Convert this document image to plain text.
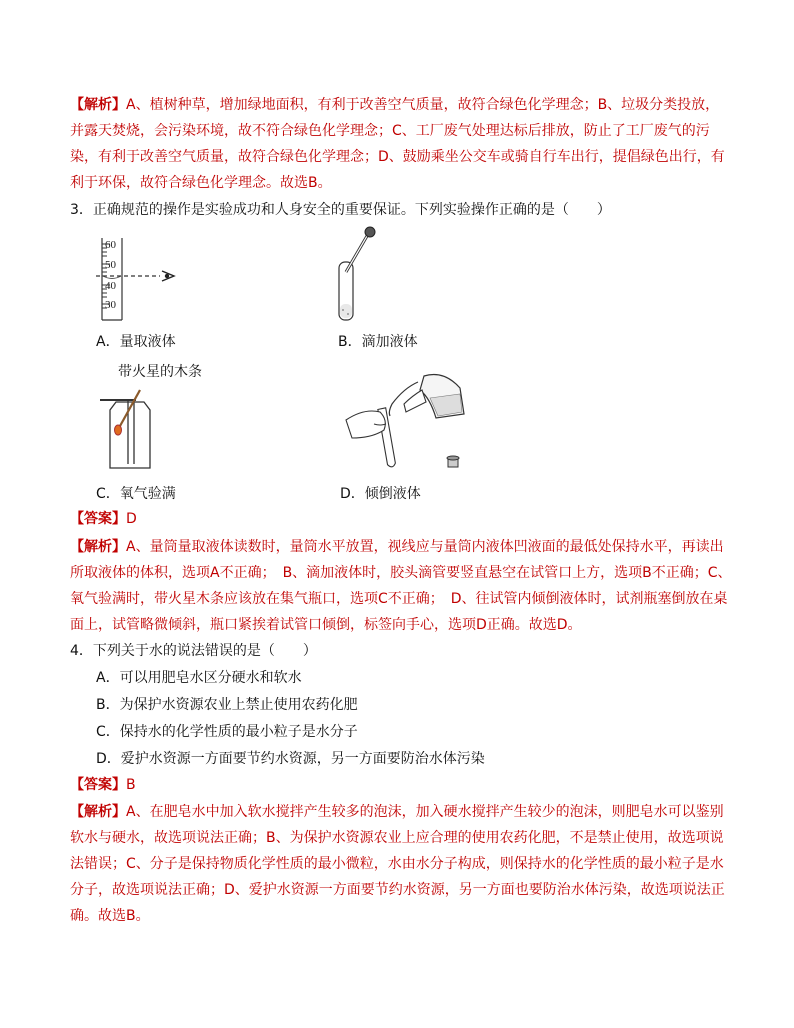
【解析】A、植树种草，增加绿地面积，有利于改善空气质量，故符合绿色化学理念；B、垃圾分类投放，并露天焚烧，会污染环境，故不符合绿色化学理念；C、工厂废气处理达标后排放，防止了工厂废气的污染，有利于改善空气质量，故符合绿色化学理念；D、鼓励乘坐公交车或骑自行车出行，提倡绿色出行，有利于环保，故符合绿色化学理念。故选B。
3．正确规范的操作是实验成功和人身安全的重要保证。下列实验操作正确的是（　　）
60
50
40
30
A．量取液体	B．滴加液体
带火星的木条
C．氧气验满	D．倾倒液体
【答案】D
【解析】A、量筒量取液体读数时，量筒水平放置，视线应与量筒内液体凹液面的最低处保持水平，再读出所取液体的体积，选项A不正确；　B、滴加液体时，胶头滴管要竖直悬空在试管口上方，选项B不正确；C、氧气验满时，带火星木条应该放在集气瓶口，选项C不正确；　D、往试管内倾倒液体时，试剂瓶塞倒放在桌面上，试管略微倾斜，瓶口紧挨着试管口倾倒，标签向手心，选项D正确。故选D。
4．下列关于水的说法错误的是（　　）
A．可以用肥皂水区分硬水和软水
B．为保护水资源农业上禁止使用农药化肥
C．保持水的化学性质的最小粒子是水分子
D．爱护水资源一方面要节约水资源，另一方面要防治水体污染
【答案】B
【解析】A、在肥皂水中加入软水搅拌产生较多的泡沫，加入硬水搅拌产生较少的泡沫，则肥皂水可以鉴别软水与硬水，故选项说法正确；B、为保护水资源农业上应合理的使用农药化肥，不是禁止使用，故选项说法错误；C、分子是保持物质化学性质的最小微粒，水由水分子构成，则保持水的化学性质的最小粒子是水分子，故选项说法正确；D、爱护水资源一方面要节约水资源，另一方面也要防治水体污染，故选项说法正确。故选B。
